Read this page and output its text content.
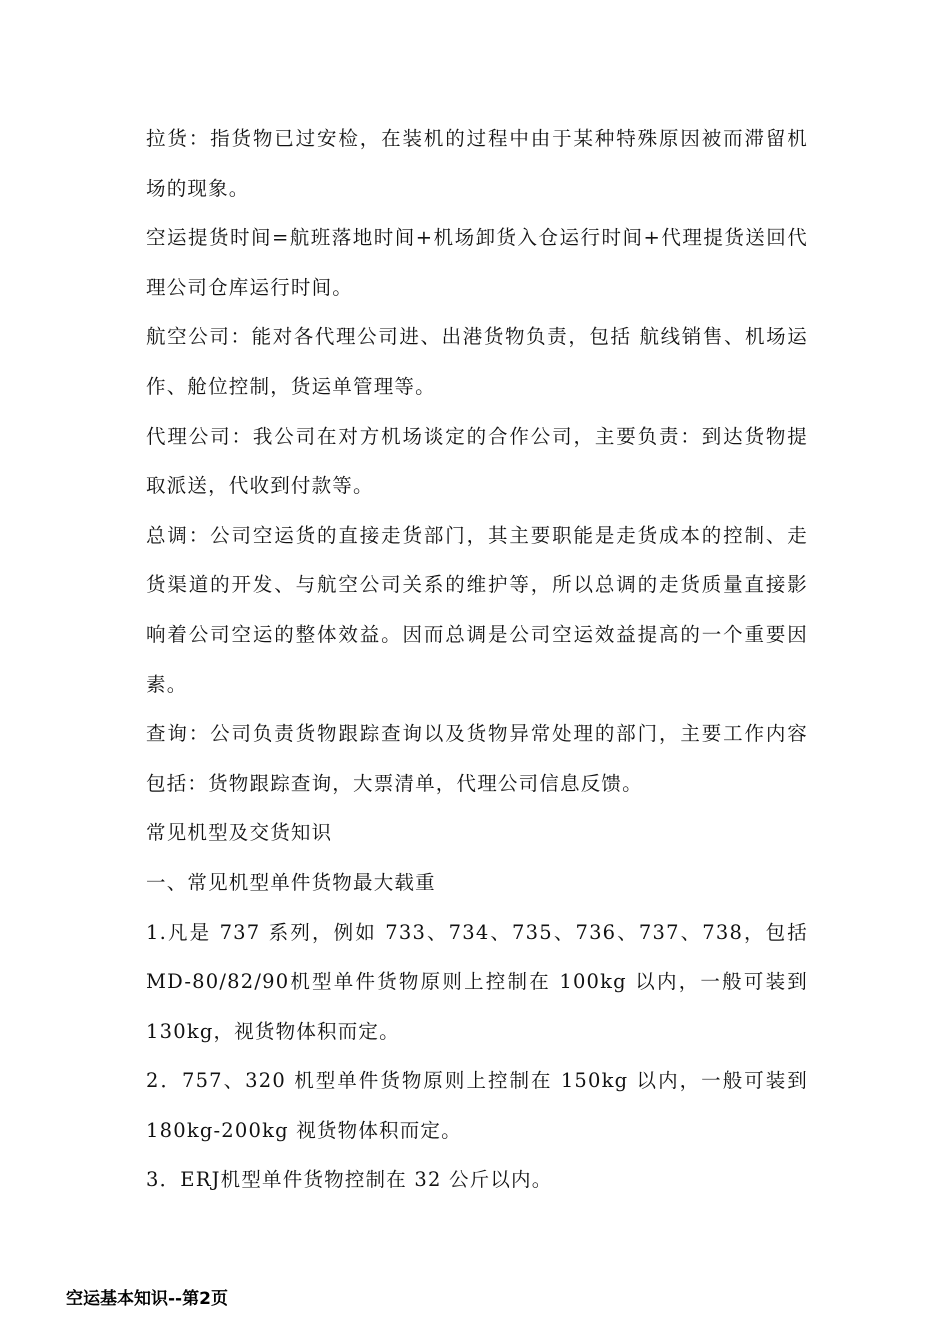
拉货：指货物已过安检，在装机的过程中由于某种特殊原因被而滞留机场的现象。

空运提货时间=航班落地时间+机场卸货入仓运行时间+代理提货送回代理公司仓库运行时间。

航空公司：能对各代理公司进、出港货物负责，包括 航线销售、机场运作、舱位控制，货运单管理等。

代理公司：我公司在对方机场谈定的合作公司，主要负责：到达货物提取派送，代收到付款等。

总调：公司空运货的直接走货部门，其主要职能是走货成本的控制、走货渠道的开发、与航空公司关系的维护等，所以总调的走货质量直接影响着公司空运的整体效益。因而总调是公司空运效益提高的一个重要因素。

查询：公司负责货物跟踪查询以及货物异常处理的部门，主要工作内容包括：货物跟踪查询，大票清单，代理公司信息反馈。

常见机型及交货知识

一、常见机型单件货物最大载重

1.凡是 737 系列，例如 733、734、735、736、737、738，包括 MD-80/82/90机型单件货物原则上控制在 100kg 以内，一般可装到 130kg，视货物体积而定。

2．757、320 机型单件货物原则上控制在 150kg 以内，一般可装到 180kg-200kg 视货物体积而定。

3．ERJ机型单件货物控制在 32 公斤以内。

空运基本知识--第2页
